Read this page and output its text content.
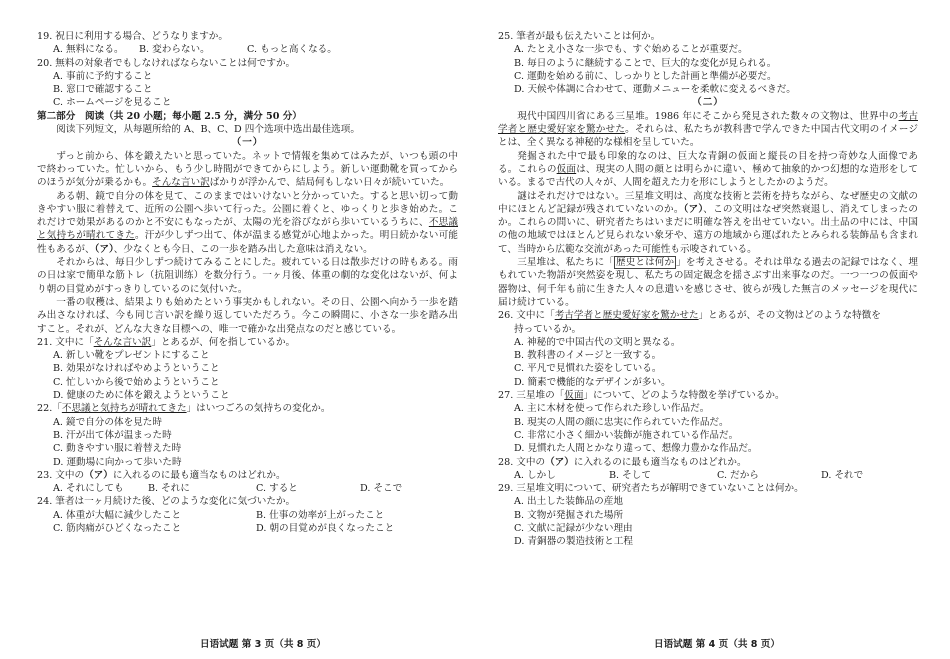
19. 祝日に利用する場合、どうなりますか。
A. 無料になる。	B. 変わらない。	C. もっと高くなる。
20. 無料の対象者でもしなければならないことは何ですか。
A. 事前に予約すること
B. 窓口で確認すること
C. ホームページを見ること
第二部分　阅读（共 20 小题；每小题 2.5 分，满分 50 分）
阅读下列短文，从每题所给的 A、B、C、D 四个选项中选出最佳选项。
（一）
ずっと前から、体を鍛えたいと思っていた。ネットで情報を集めてはみたが、いつも頭の中で終わっていた。忙しいから、もう少し時間ができてからにしよう。新しい運動靴を買ってからのほうが気分が乗るかも。そんな言い訳ばかりが浮かんで、結局何もしない日々が続いていた。
ある朝、鏡で自分の体を見て、このままではいけないと分かっていた。すると思い切って動きやすい服に着替えて、近所の公園へ歩いて行った。公園に着くと、ゆっくりと歩き始めた。これだけで効果があるのかと不安にもなったが、太陽の光を浴びながら歩いているうちに、不思議と気持ちが晴れてきた。汗が少しずつ出て、体が温まる感覚が心地よかった。明日続かない可能性もあるが、（ア）、少なくとも今日、この一歩を踏み出した意味は消えない。
それからは、毎日少しずつ続けてみることにした。疲れている日は散歩だけの時もある。雨の日は家で簡単な筋トレ（抗阻训练）を数分行う。一ヶ月後、体重の劇的な変化はないが、何より朝の目覚めがすっきりしているのに気付いた。
一番の収穫は、結果よりも始めたという事実かもしれない。その日、公園へ向かう一歩を踏み出さなければ、今も同じ言い訳を繰り返していただろう。今この瞬間に、小さな一歩を踏み出すこと。それが、どんな大きな目標への、唯一で確かな出発点なのだと感じている。
21. 文中に「そんな言い訳」とあるが、何を指しているか。
A. 新しい靴をプレゼントにすること
B. 効果がなければやめようということ
C. 忙しいから後で始めようということ
D. 健康のために体を鍛えようということ
22.「不思議と気持ちが晴れてきた」はいつごろの気持ちの変化か。
A. 鏡で自分の体を見た時
B. 汗が出て体が温まった時
C. 動きやすい服に着替えた時
D. 運動場に向かって歩いた時
23. 文中の（ア）に入れるのに最も適当なものはどれか。
A. それにしても	B. それに	C. すると	D. そこで
24. 筆者は一ヶ月続けた後、どのような変化に気づいたか。
A. 体重が大幅に減少したこと	B. 仕事の効率が上がったこと
C. 筋肉痛がひどくなったこと	D. 朝の目覚めが良くなったこと
25. 筆者が最も伝えたいことは何か。
A. たとえ小さな一歩でも、すぐ始めることが重要だ。
B. 毎日のように継続することで、巨大的な変化が見られる。
C. 運動を始める前に、しっかりとした計画と準備が必要だ。
D. 天候や体調に合わせて、運動メニューを柔軟に変えるべきだ。
（二）
現代中国四川省にある三星堆。1986 年にそこから発見された数々の文物は、世界中の考古学者と歴史愛好家を驚かせた。それらは、私たちが教科書で学んできた中国古代文明のイメージとは、全く異なる神秘的な様相を呈していた。
発掘された中で最も印象的なのは、巨大な青銅の仮面と縦長の目を持つ奇妙な人面像である。これらの仮面は、現実の人間の顔とは明らかに違い、極めて抽象的かつ幻想的な造形をしている。まるで古代の人々が、人間を超えた力を形にしようとしたかのようだ。
謎はそれだけではない。三星堆文明は、高度な技術と芸術を持ちながら、なぜ歴史の文献の中にほとんど記録が残されていないのか。（ア）、この文明はなぜ突然衰退し、消えてしまったのか。これらの問いに、研究者たちはいまだに明確な答えを出せていない。出土品の中には、中国の他の地域ではほとんど見られない象牙や、遠方の地域から運ばれたとみられる装飾品も含まれて、当時から広範な交流があった可能性も示唆されている。
三星堆は、私たちに「 歴史とは何か 」を考えさせる。それは単なる過去の記録ではなく、埋もれていた物語が突然姿を現し、私たちの固定観念を揺さぶす出来事なのだ。一つ一つの仮面や器物は、何千年も前に生きた人々の息遣いを感じさせ、彼らが残した無言のメッセージを現代に届け続けている。
26. 文中に「考古学者と歴史愛好家を驚かせた」とあるが、その文物はどのような特徴を
持っているか。
A. 神秘的で中国古代の文明と異なる。
B. 教科書のイメージと一致する。
C. 平凡で見慣れた姿をしている。
D. 簡素で機能的なデザインが多い。
27. 三星堆の「仮面」について、どのような特徴を挙げているか。
A. 主に木材を使って作られた珍しい作品だ。
B. 現実の人間の顔に忠実に作られていた作品だ。
C. 非常に小さく細かい装飾が施されている作品だ。
D. 見慣れた人間とかなり違って、想像力豊かな作品だ。
28. 文中の（ア）に入れるのに最も適当なものはどれか。
A. しかし	B. そして	C. だから	D. それで
29. 三星堆文明について、研究者たちが解明できていないことは何か。
A. 出土した装飾品の産地
B. 文物が発掘された場所
C. 文献に記録が少ない理由
D. 青銅器の製造技術と工程
日语试题 第 3 页（共 8 页）	日语试题 第 4 页（共 8 页）
